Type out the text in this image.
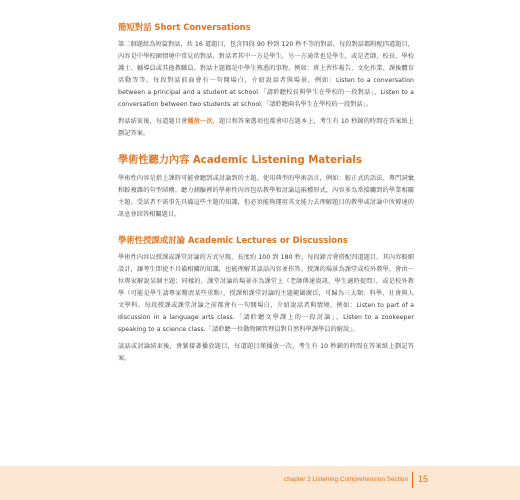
簡短對話 Short Conversations

第二個題組為短篇對話，共 16 道題目，包含四段 90 秒到 120 秒不等的對話。每段對話都附配四道題目，內容是中學校園情境中常見的對話，對話者其中一方是學生，另一方通常也是學生，或是老師、校長、學校護士、輔導員或其他教職員。對話主題都是中學生熟悉的事物，例如：班上習作報告、文化作業、課後體育活動等等。每段對話前面會有一句開場白，介紹說話者與場景，例如：Listen to a conversation between a principal and a student at school.「請聆聽校長與學生在學校的一段對話」、Listen to a conversation between two students at school.「請聆聽兩名學生在學校的一段對話」。

對話結束後，每道題目會播放一次，題目和答案選項也都會印在題本上，考生有 10 秒鐘的時間在答案紙上劃記答案。

學術性聽力內容 Academic Listening Materials

學術性內容是指上課時可能會聽到或討論到的主題。使用典型的學術語言，例如：較正式的語法、專門詞彙和較複雜的句型結構。聽力測驗裡的學術性內容包括教學和討論這兩種形式，內容多為常接觸到的學業相關主題。受試者不需事先具備這些主題的知識，但必須能夠運用英文能力去理解題目的教學或討論中所傳達的訊息並回答相關題目。

學術性授課或討論 Academic Lectures or Discussions

學術性內容以授課或課堂討論的方式呈現，長度約 100 到 180 秒，每段錄音會搭配四道題目。其內容較細設計，讓考生即使不具備相關的知識，也能理解其談話內容並作答。授課的場景為課堂或校外教學，會由一位專家解說某個主題；同樣的，課堂討論的場景亦為課堂上（老師傳達資訊、學生適時提問），或是校外教學（可能是學生請專家釐清某些重點）。授課和課堂討論的主題範圍廣泛，可歸為三大類：科學、社會與人文學科。每段授課或課堂討論之前都會有一句開場白，介紹說話者與情境，例如：Listen to part of a discussion in a language arts class.「請聆聽文學課上的一段討論」、Listen to a zookeeper speaking to a science class.「請聆聽一位動物園管理員對自然科學課學員的解說」。

談話或討論結束後，會緊接著播放題目，每道題目僅播放一次，考生有 10 秒鐘的時間在答案紙上劃記答案。

chapter 2 Listening Comprehension Section 15
